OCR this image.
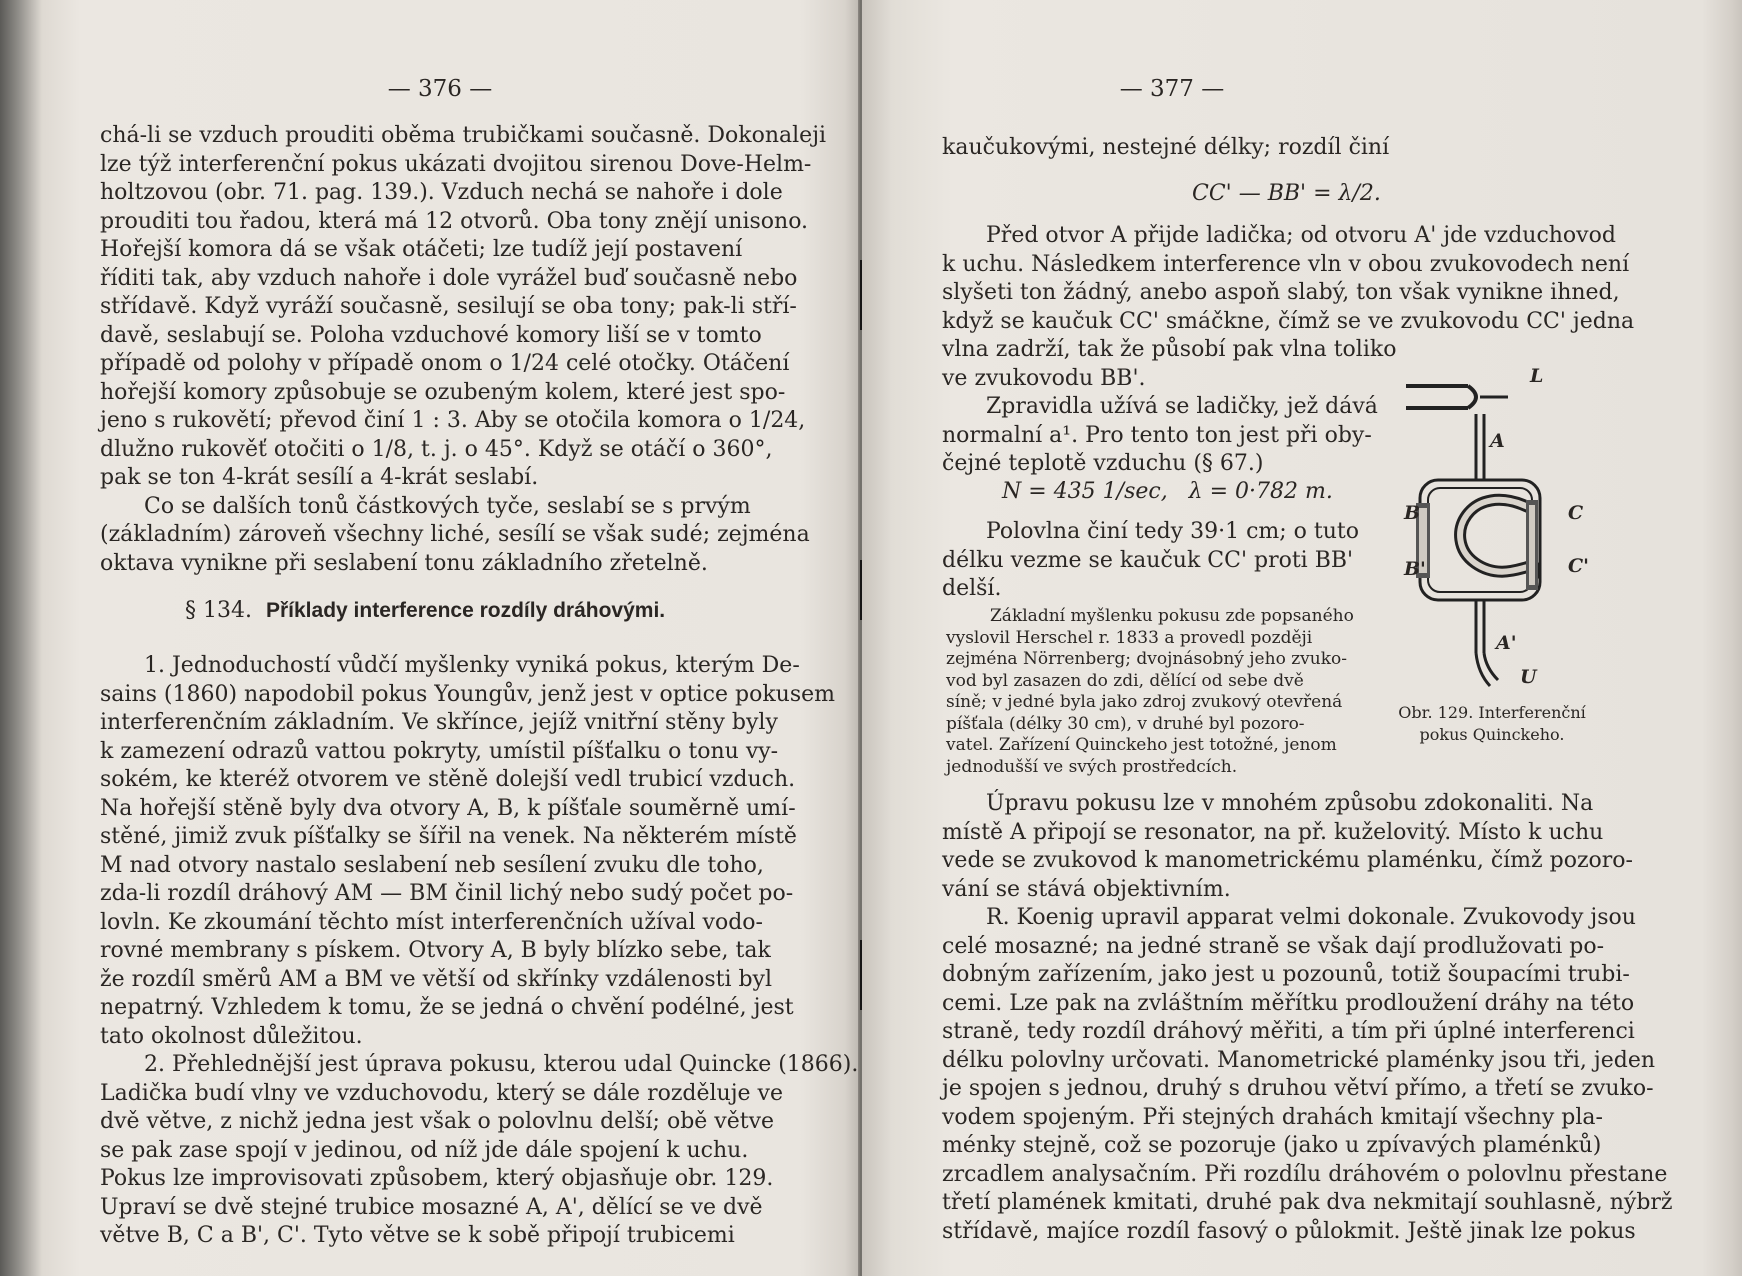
— 376 —
chá-li se vzduch prouditi oběma trubičkami současně. Dokonaleji
lze týž interferenční pokus ukázati dvojitou sirenou Dove-Helm-
holtzovou (obr. 71. pag. 139.). Vzduch nechá se nahoře i dole
prouditi tou řadou, která má 12 otvorů. Oba tony znějí unisono.
Hořejší komora dá se však otáčeti; lze tudíž její postavení
říditi tak, aby vzduch nahoře i dole vyrážel buď současně nebo
střídavě. Když vyráží současně, sesilují se oba tony; pak-li stří-
davě, seslabují se. Poloha vzduchové komory liší se v tomto
případě od polohy v případě onom o 1/24 celé otočky. Otáčení
hořejší komory způsobuje se ozubeným kolem, které jest spo-
jeno s rukovětí; převod činí 1 : 3. Aby se otočila komora o 1/24,
dlužno rukověť otočiti o 1/8, t. j. o 45°. Když se otáčí o 360°,
pak se ton 4-krát sesílí a 4-krát seslabí.
Co se dalších tonů částkových tyče, seslabí se s prvým
(základním) zároveň všechny liché, sesílí se však sudé; zejména
oktava vynikne při seslabení tonu základního zřetelně.
§ 134. Příklady interference rozdíly dráhovými.
1. Jednoduchostí vůdčí myšlenky vyniká pokus, kterým De-
sains (1860) napodobil pokus Youngův, jenž jest v optice pokusem
interferenčním základním. Ve skřínce, jejíž vnitřní stěny byly
k zamezení odrazů vattou pokryty, umístil píšťalku o tonu vy-
sokém, ke kteréž otvorem ve stěně dolejší vedl trubicí vzduch.
Na hořejší stěně byly dva otvory A, B, k píšťale souměrně umí-
stěné, jimiž zvuk píšťalky se šířil na venek. Na některém místě
M nad otvory nastalo seslabení neb sesílení zvuku dle toho,
zda-li rozdíl dráhový AM — BM činil lichý nebo sudý počet po-
lovln. Ke zkoumání těchto míst interferenčních užíval vodo-
rovné membrany s pískem. Otvory A, B byly blízko sebe, tak
že rozdíl směrů AM a BM ve větší od skřínky vzdálenosti byl
nepatrný. Vzhledem k tomu, že se jedná o chvění podélné, jest
tato okolnost důležitou.
2. Přehlednější jest úprava pokusu, kterou udal Quincke (1866).
Ladička budí vlny ve vzduchovodu, který se dále rozděluje ve
dvě větve, z nichž jedna jest však o polovlnu delší; obě větve
se pak zase spojí v jedinou, od níž jde dále spojení k uchu.
Pokus lze improvisovati způsobem, který objasňuje obr. 129.
Upraví se dvě stejné trubice mosazné A, A', dělící se ve dvě
větve B, C a B', C'. Tyto větve se k sobě připojí trubicemi
— 377 —
kaučukovými, nestejné délky; rozdíl činí
CC' — BB' = λ/2.
Před otvor A přijde ladička; od otvoru A' jde vzduchovod
k uchu. Následkem interference vln v obou zvukovodech není
slyšeti ton žádný, anebo aspoň slabý, ton však vynikne ihned,
když se kaučuk CC' smáčkne, čímž se ve zvukovodu CC' jedna
vlna zadrží, tak že působí pak vlna toliko
ve zvukovodu BB'.
Zpravidla užívá se ladičky, jež dává
normalní a¹. Pro tento ton jest při oby-
čejné teplotě vzduchu (§ 67.)
N = 435 1/sec,   λ = 0·782 m.
Polovlna činí tedy 39·1 cm; o tuto
délku vezme se kaučuk CC' proti BB'
delší.
Základní myšlenku pokusu zde popsaného
vyslovil Herschel r. 1833 a provedl později
zejména Nörrenberg; dvojnásobný jeho zvuko-
vod byl zasazen do zdi, dělící od sebe dvě
síně; v jedné byla jako zdroj zvukový otevřená
píšťala (délky 30 cm), v druhé byl pozoro-
vatel. Zařízení Quinckeho jest totožné, jenom
jednodušší ve svých prostředcích.
L
A
B	C
B'	C'
A'
U
Obr. 129. Interferenční
pokus Quinckeho.
Úpravu pokusu lze v mnohém způsobu zdokonaliti. Na
místě A připojí se resonator, na př. kuželovitý. Místo k uchu
vede se zvukovod k manometrickému plaménku, čímž pozoro-
vání se stává objektivním.
R. Koenig upravil apparat velmi dokonale. Zvukovody jsou
celé mosazné; na jedné straně se však dají prodlužovati po-
dobným zařízením, jako jest u pozounů, totiž šoupacími trubi-
cemi. Lze pak na zvláštním měřítku prodloužení dráhy na této
straně, tedy rozdíl dráhový měřiti, a tím při úplné interferenci
délku polovlny určovati. Manometrické plaménky jsou tři, jeden
je spojen s jednou, druhý s druhou větví přímo, a třetí se zvuko-
vodem spojeným. Při stejných drahách kmitají všechny pla-
ménky stejně, což se pozoruje (jako u zpívavých plaménků)
zrcadlem analysačním. Při rozdílu dráhovém o polovlnu přestane
třetí plamének kmitati, druhé pak dva nekmitají souhlasně, nýbrž
střídavě, majíce rozdíl fasový o půlokmit. Ještě jinak lze pokus
